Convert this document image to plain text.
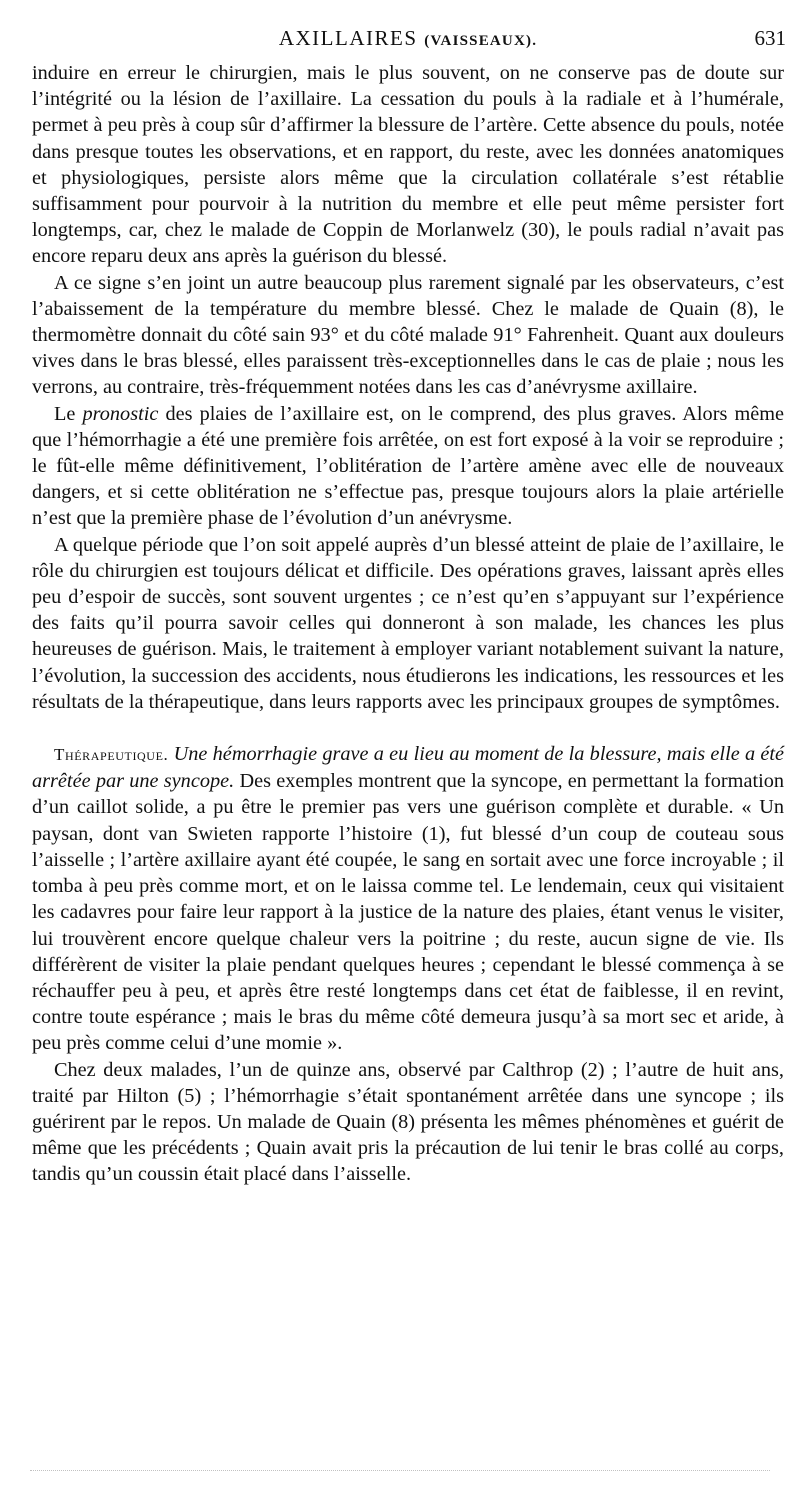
AXILLAIRES (VAISSEAUX).	631

induire en erreur le chirurgien, mais le plus souvent, on ne conserve pas de doute sur l’intégrité ou la lésion de l’axillaire. La cessation du pouls à la radiale et à l’humérale, permet à peu près à coup sûr d’affirmer la blessure de l’artère. Cette absence du pouls, notée dans presque toutes les observations, et en rapport, du reste, avec les données anatomiques et physiologiques, persiste alors même que la circulation collatérale s’est rétablie suffisamment pour pourvoir à la nutrition du membre et elle peut même persister fort longtemps, car, chez le malade de Coppin de Morlanwelz (30), le pouls radial n’avait pas encore reparu deux ans après la guérison du blessé.

A ce signe s’en joint un autre beaucoup plus rarement signalé par les observateurs, c’est l’abaissement de la température du membre blessé. Chez le malade de Quain (8), le thermomètre donnait du côté sain 93° et du côté malade 91° Fahrenheit. Quant aux douleurs vives dans le bras blessé, elles paraissent très-exceptionnelles dans le cas de plaie ; nous les verrons, au contraire, très-fréquemment notées dans les cas d’anévrysme axillaire.

Le pronostic des plaies de l’axillaire est, on le comprend, des plus graves. Alors même que l’hémorrhagie a été une première fois arrêtée, on est fort exposé à la voir se reproduire ; le fût-elle même définitivement, l’oblitération de l’artère amène avec elle de nouveaux dangers, et si cette oblitération ne s’effectue pas, presque toujours alors la plaie artérielle n’est que la première phase de l’évolution d’un anévrysme.

A quelque période que l’on soit appelé auprès d’un blessé atteint de plaie de l’axillaire, le rôle du chirurgien est toujours délicat et difficile. Des opérations graves, laissant après elles peu d’espoir de succès, sont souvent urgentes ; ce n’est qu’en s’appuyant sur l’expérience des faits qu’il pourra savoir celles qui donneront à son malade, les chances les plus heureuses de guérison. Mais, le traitement à employer variant notablement suivant la nature, l’évolution, la succession des accidents, nous étudierons les indications, les ressources et les résultats de la thérapeutique, dans leurs rapports avec les principaux groupes de symptômes.

Thérapeutique. Une hémorrhagie grave a eu lieu au moment de la blessure, mais elle a été arrêtée par une syncope. Des exemples montrent que la syncope, en permettant la formation d’un caillot solide, a pu être le premier pas vers une guérison complète et durable. « Un paysan, dont van Swieten rapporte l’histoire (1), fut blessé d’un coup de couteau sous l’aisselle ; l’artère axillaire ayant été coupée, le sang en sortait avec une force incroyable ; il tomba à peu près comme mort, et on le laissa comme tel. Le lendemain, ceux qui visitaient les cadavres pour faire leur rapport à la justice de la nature des plaies, étant venus le visiter, lui trouvèrent encore quelque chaleur vers la poitrine ; du reste, aucun signe de vie. Ils différèrent de visiter la plaie pendant quelques heures ; cependant le blessé commença à se réchauffer peu à peu, et après être resté longtemps dans cet état de faiblesse, il en revint, contre toute espérance ; mais le bras du même côté demeura jusqu’à sa mort sec et aride, à peu près comme celui d’une momie ».

Chez deux malades, l’un de quinze ans, observé par Calthrop (2) ; l’autre de huit ans, traité par Hilton (5) ; l’hémorrhagie s’était spontanément arrêtée dans une syncope ; ils guérirent par le repos. Un malade de Quain (8) présenta les mêmes phénomènes et guérit de même que les précédents ; Quain avait pris la précaution de lui tenir le bras collé au corps, tandis qu’un coussin était placé dans l’aisselle.
